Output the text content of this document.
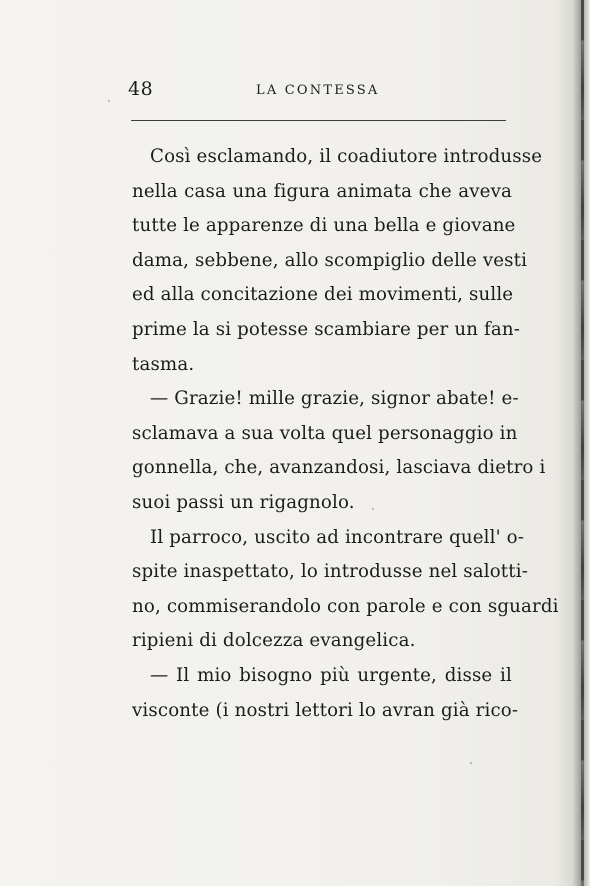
48	LA CONTESSA
Così esclamando, il coadiutore introdusse
nella casa una figura animata che aveva
tutte le apparenze di una bella e giovane
dama, sebbene, allo scompiglio delle vesti
ed alla concitazione dei movimenti, sulle
prime la si potesse scambiare per un fan-
tasma.
— Grazie! mille grazie, signor abate! e-
sclamava a sua volta quel personaggio in
gonnella, che, avanzandosi, lasciava dietro i
suoi passi un rigagnolo.
Il parroco, uscito ad incontrare quell' o-
spite inaspettato, lo introdusse nel salotti-
no, commiserandolo con parole e con sguardi
ripieni di dolcezza evangelica.
— Il mio bisogno più urgente, disse il
visconte (i nostri lettori lo avran già rico-
